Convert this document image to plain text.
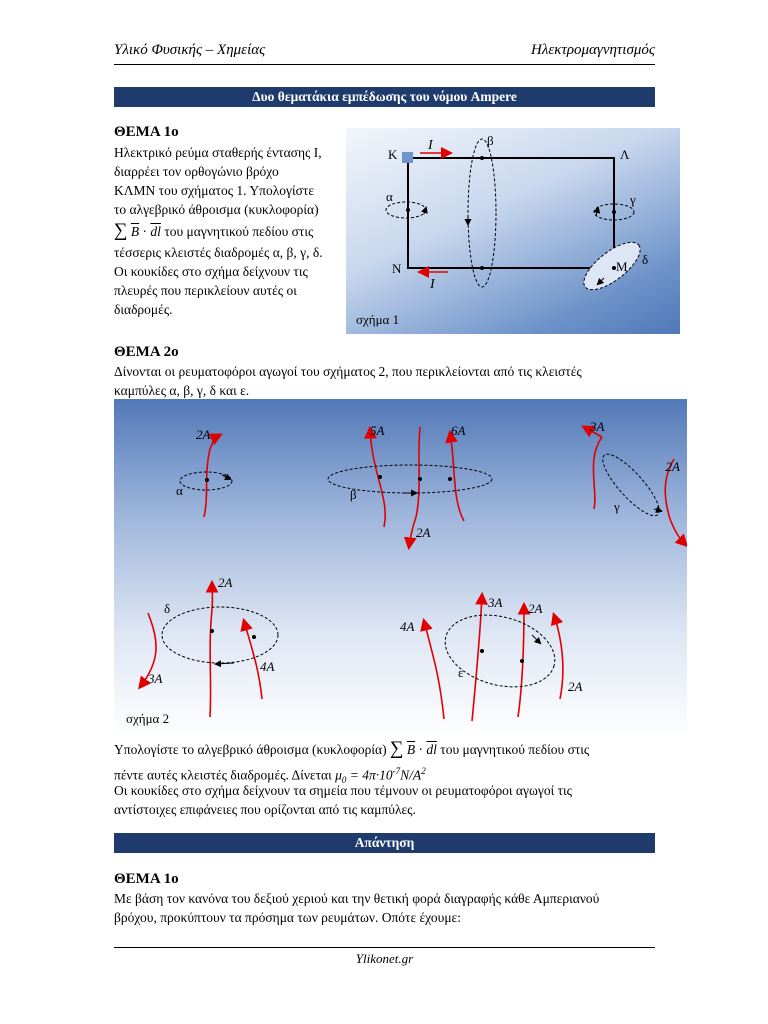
Υλικό Φυσικής – Χημείας	Ηλεκτρομαγνητισμός
Δυο θεματάκια εμπέδωσης του νόμου Ampere
ΘΕΜΑ 1ο
Ηλεκτρικό ρεύμα σταθερής έντασης Ι,
διαρρέει τον ορθογώνιο βρόχο
ΚΛΜΝ του σχήματος 1. Υπολογίστε
το αλγεβρικό άθροισμα (κυκλοφορία)
∑ $\overline{B} \cdot \overline{dl}$ του μαγνητικού πεδίου στις
τέσσερις κλειστές διαδρομές α, β, γ, δ.
Οι κουκίδες στο σχήμα δείχνουν τις
πλευρές που περικλείουν αυτές οι
διαδρομές.
K	Λ
M
N
I
I
α
β
γ
δ
σχήμα 1
ΘΕΜΑ 2ο
Δίνονται οι ρευματοφόροι αγωγοί του σχήματος 2, που περικλείονται από τις κλειστές
καμπύλες α, β, γ, δ και ε.
2A	5A	6A
2A
3A
2A
2A
3A
4A
4A
3A 2A
2A
α	β
γ
δ
ε
σχήμα 2
Υπολογίστε το αλγεβρικό άθροισμα (κυκλοφορία) ∑ $\overline{B} \cdot \overline{dl}$ του μαγνητικού πεδίου στις
πέντε αυτές κλειστές διαδρομές. Δίνεται $\mu_0 = 4\pi\cdot 10^{-7}N/A^2$
Οι κουκίδες στο σχήμα δείχνουν τα σημεία που τέμνουν οι ρευματοφόροι αγωγοί τις
αντίστοιχες επιφάνειες που ορίζονται από τις καμπύλες.
Απάντηση
ΘΕΜΑ 1ο
Με βάση τον κανόνα του δεξιού χεριού και την θετική φορά διαγραφής κάθε Αμπεριανού
βρόχου, προκύπτουν τα πρόσημα των ρευμάτων. Οπότε έχουμε:
Ylikonet.gr
